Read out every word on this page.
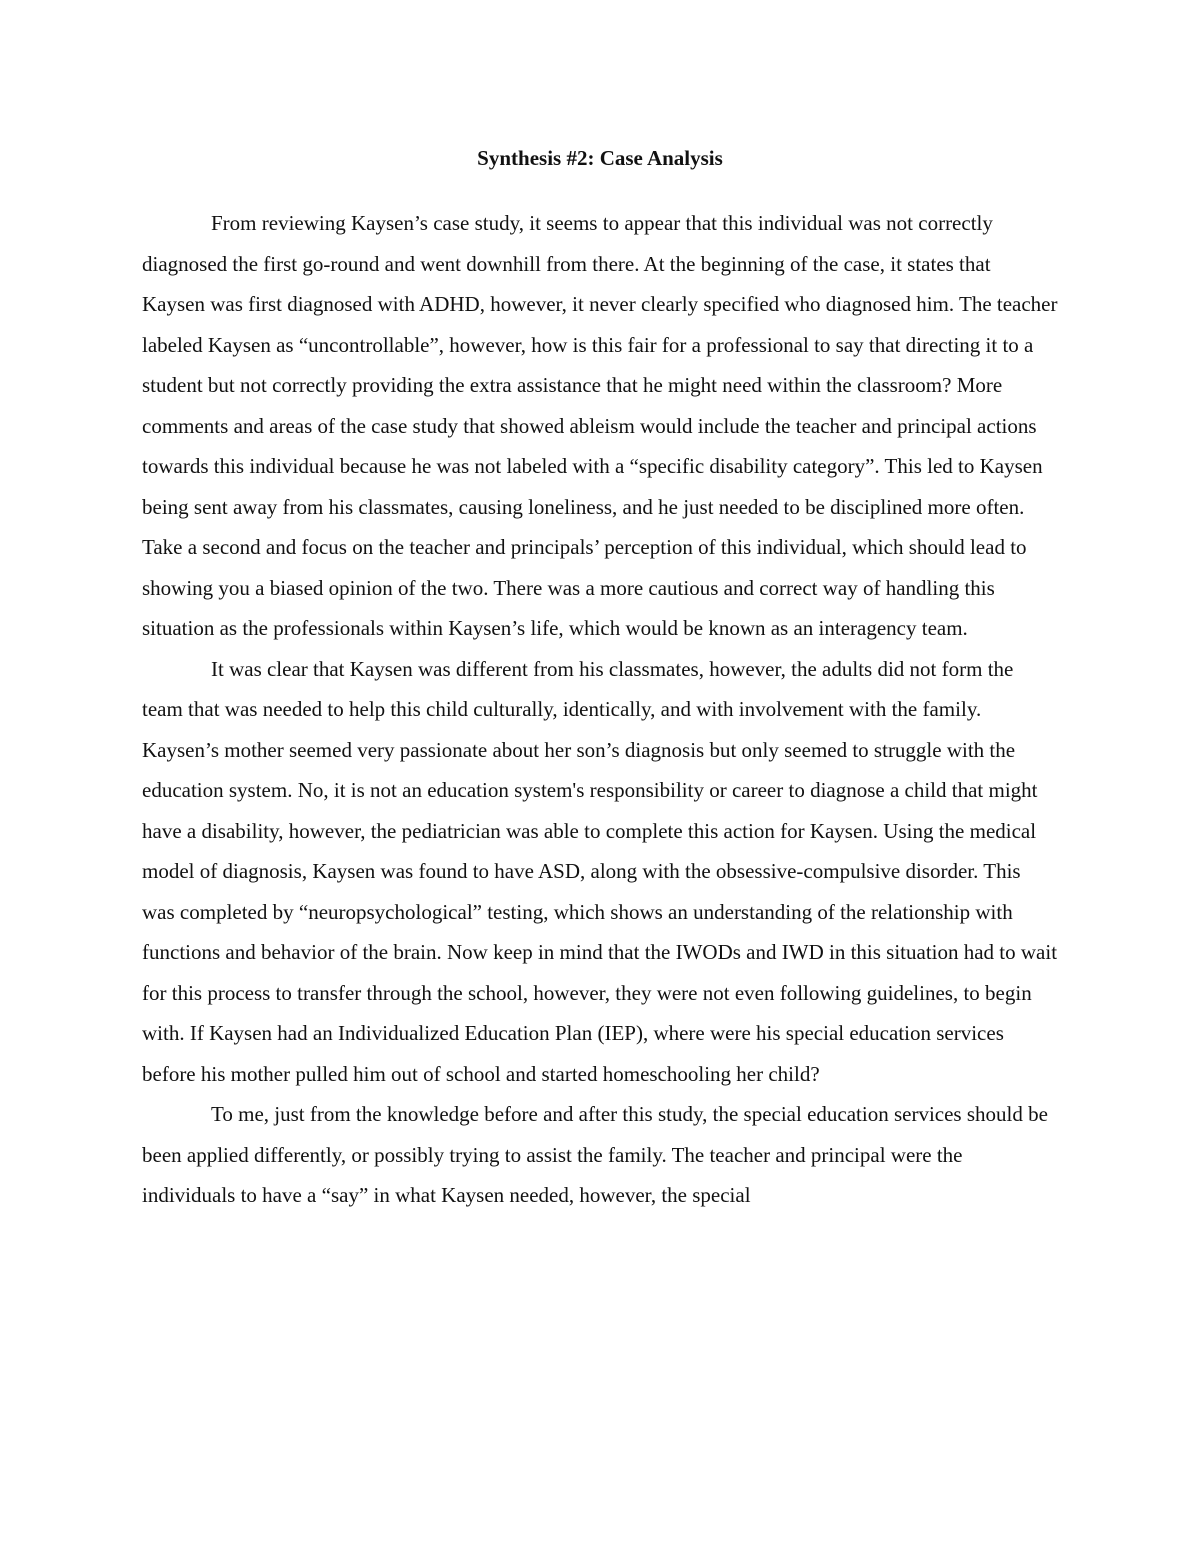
Synthesis #2: Case Analysis

From reviewing Kaysen’s case study, it seems to appear that this individual was not correctly diagnosed the first go-round and went downhill from there. At the beginning of the case, it states that Kaysen was first diagnosed with ADHD, however, it never clearly specified who diagnosed him. The teacher labeled Kaysen as “uncontrollable”, however, how is this fair for a professional to say that directing it to a student but not correctly providing the extra assistance that he might need within the classroom? More comments and areas of the case study that showed ableism would include the teacher and principal actions towards this individual because he was not labeled with a “specific disability category”. This led to Kaysen being sent away from his classmates, causing loneliness, and he just needed to be disciplined more often. Take a second and focus on the teacher and principals’ perception of this individual, which should lead to showing you a biased opinion of the two. There was a more cautious and correct way of handling this situation as the professionals within Kaysen’s life, which would be known as an interagency team.

It was clear that Kaysen was different from his classmates, however, the adults did not form the team that was needed to help this child culturally, identically, and with involvement with the family. Kaysen’s mother seemed very passionate about her son’s diagnosis but only seemed to struggle with the education system. No, it is not an education system's responsibility or career to diagnose a child that might have a disability, however, the pediatrician was able to complete this action for Kaysen. Using the medical model of diagnosis, Kaysen was found to have ASD, along with the obsessive-compulsive disorder. This was completed by “neuropsychological” testing, which shows an understanding of the relationship with functions and behavior of the brain. Now keep in mind that the IWODs and IWD in this situation had to wait for this process to transfer through the school, however, they were not even following guidelines, to begin with. If Kaysen had an Individualized Education Plan (IEP), where were his special education services before his mother pulled him out of school and started homeschooling her child?

To me, just from the knowledge before and after this study, the special education services should be been applied differently, or possibly trying to assist the family. The teacher and principal were the individuals to have a “say” in what Kaysen needed, however, the special
